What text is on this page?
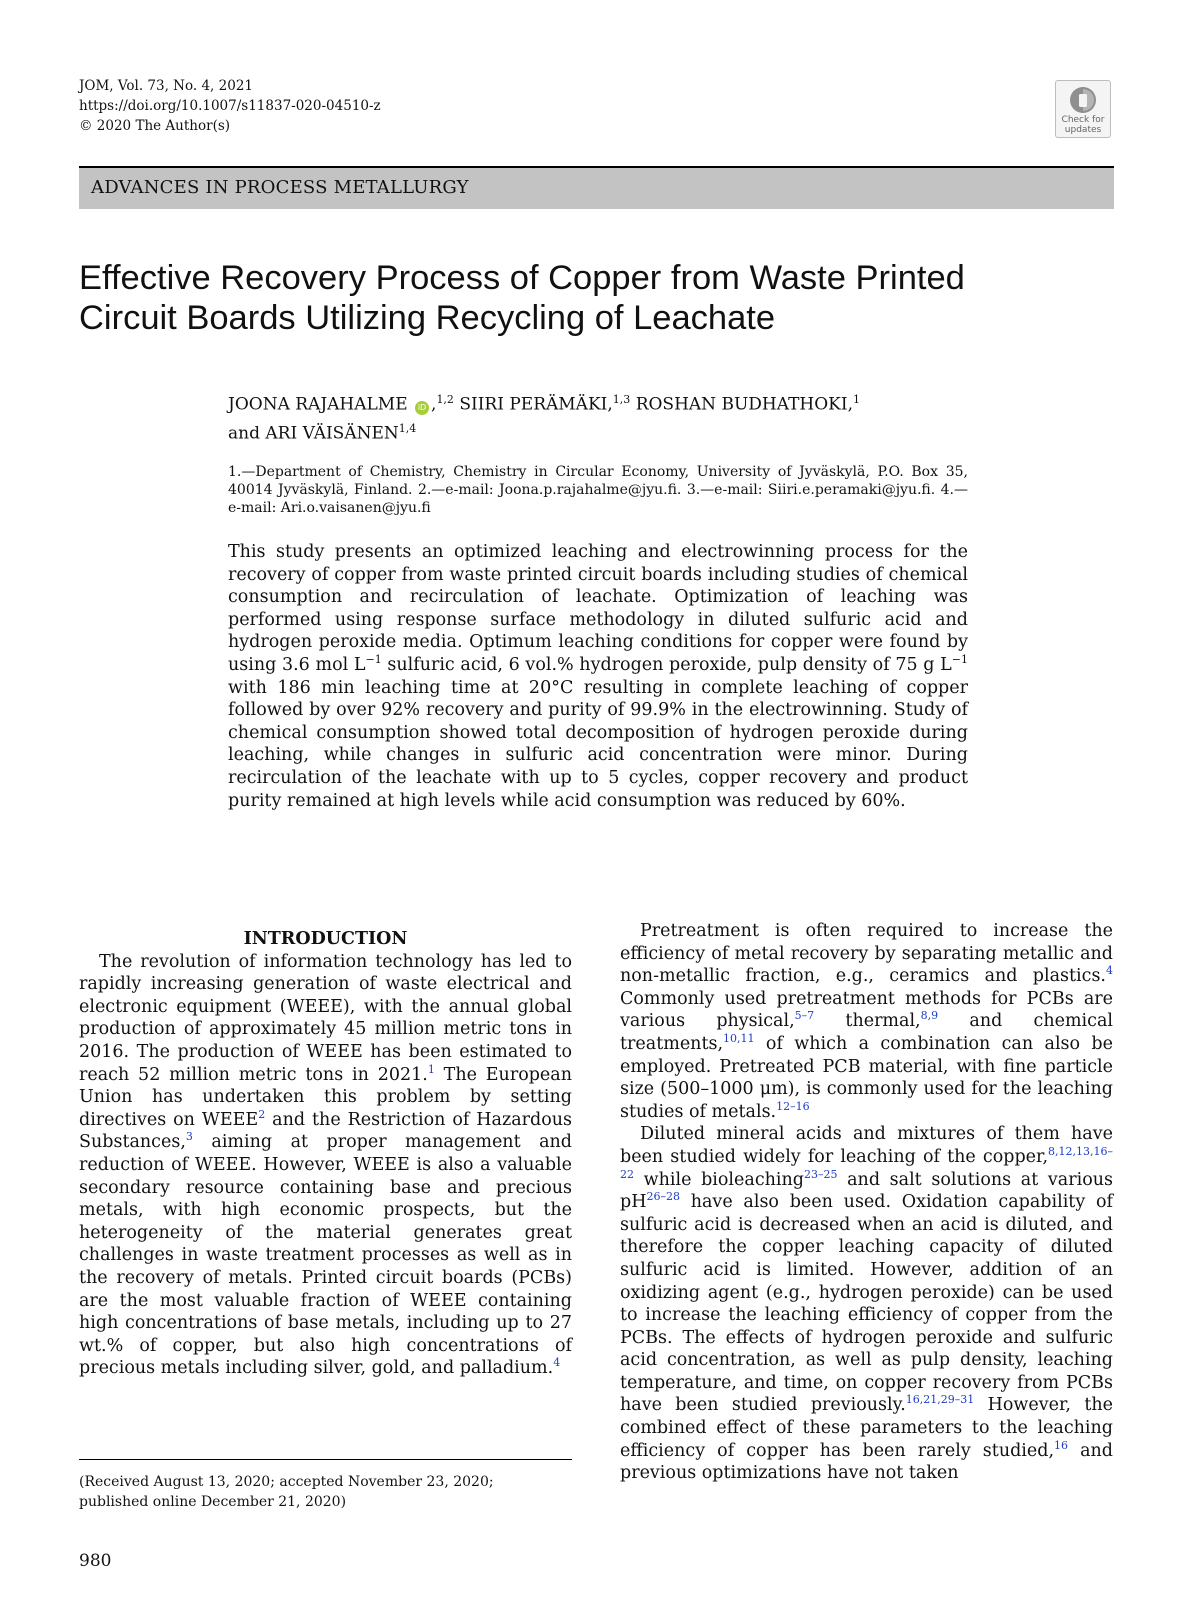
JOM, Vol. 73, No. 4, 2021
https://doi.org/10.1007/s11837-020-04510-z
© 2020 The Author(s)	Check for
updates
ADVANCES IN PROCESS METALLURGY
Effective Recovery Process of Copper from Waste Printed
Circuit Boards Utilizing Recycling of Leachate
JOONA RAJAHALME iD ,$^{1,2}$ SIIRI PERÄMÄKI,$^{1,3}$ ROSHAN BUDHATHOKI,$^1$
and ARI VÄISÄNEN$^{1,4}$
1.—Department of Chemistry, Chemistry in Circular Economy, University of Jyväskylä, P.O. Box 35, 40014 Jyväskylä, Finland. 2.—e-mail: Joona.p.rajahalme@jyu.fi. 3.—e-mail: Siiri.e.peramaki@jyu.fi. 4.—e-mail: Ari.o.vaisanen@jyu.fi
This study presents an optimized leaching and electrowinning process for the recovery of copper from waste printed circuit boards including studies of chemical consumption and recirculation of leachate. Optimization of leaching was performed using response surface methodology in diluted sulfuric acid and hydrogen peroxide media. Optimum leaching conditions for copper were found by using 3.6 mol $L^{-1}$ sulfuric acid, 6 vol.% hydrogen peroxide, pulp density of 75 g $L^{-1}$ with 186 min leaching time at 20°C resulting in complete leaching of copper followed by over 92% recovery and purity of 99.9% in the electrowinning. Study of chemical consumption showed total decomposition of hydrogen peroxide during leaching, while changes in sulfuric acid concentration were minor. During recirculation of the leachate with up to 5 cycles, copper recovery and product purity remained at high levels while acid consumption was reduced by 60%.

INTRODUCTION

The revolution of information technology has led to rapidly increasing generation of waste electrical and electronic equipment (WEEE), with the annual global production of approximately 45 million metric tons in 2016. The production of WEEE has been estimated to reach 52 million metric tons in 2021.$^1$ The European Union has undertaken this problem by setting directives on WEEE$^2$ and the Restriction of Hazardous Substances,$^3$ aiming at proper management and reduction of WEEE. However, WEEE is also a valuable secondary resource containing base and precious metals, with high economic prospects, but the heterogeneity of the material generates great challenges in waste treatment processes as well as in the recovery of metals. Printed circuit boards (PCBs) are the most valuable fraction of WEEE containing high concentrations of base metals, including up to 27 wt.% of copper, but also high concentrations of precious metals including silver, gold, and palladium.$^4$

Pretreatment is often required to increase the efficiency of metal recovery by separating metallic and non-metallic fraction, e.g., ceramics and plastics.$^4$ Commonly used pretreatment methods for PCBs are various physical,$^{5-7}$ thermal,$^{8,9}$ and chemical treatments,$^{10,11}$ of which a combination can also be employed. Pretreated PCB material, with fine particle size (500–1000 μm), is commonly used for the leaching studies of metals.$^{12-16}$

Diluted mineral acids and mixtures of them have been studied widely for leaching of the copper,$^{8,12,13,16-22}$ while bioleaching$^{23-25}$ and salt solutions at various $pH^{26-28}$ have also been used. Oxidation capability of sulfuric acid is decreased when an acid is diluted, and therefore the copper leaching capacity of diluted sulfuric acid is limited. However, addition of an oxidizing agent (e.g., hydrogen peroxide) can be used to increase the leaching efficiency of copper from the PCBs. The effects of hydrogen peroxide and sulfuric acid concentration, as well as pulp density, leaching temperature, and time, on copper recovery from PCBs have been studied previously.$^{16,21,29-31}$ However, the combined effect of these parameters to the leaching efficiency of copper has been rarely studied,$^{16}$ and previous optimizations have not taken

(Received August 13, 2020; accepted November 23, 2020;
published online December 21, 2020)
980
